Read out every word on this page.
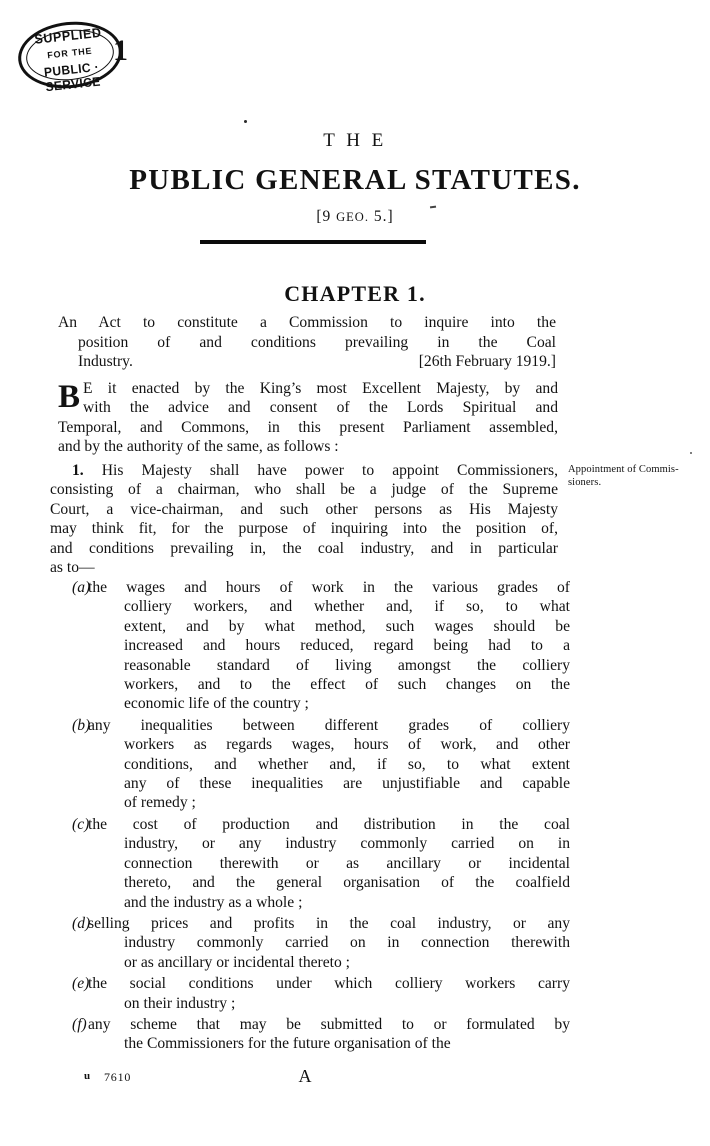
SUPPLIED
FOR THE
PUBLIC · SERVICE
1
T H E
PUBLIC GENERAL STATUTES.
[9 GEO. 5.]
CHAPTER 1.
An Act to constitute a Commission to inquire into the
position of and conditions prevailing in the Coal
Industry.	[26th February 1919.]
B E it enacted by the King’s most Excellent Majesty, by and
with the advice and consent of the Lords Spiritual and
Temporal, and Commons, in this present Parliament assembled,
and by the authority of the same, as follows :
1. His Majesty shall have power to appoint Commissioners,
consisting of a chairman, who shall be a judge of the Supreme
Court, a vice-chairman, and such other persons as His Majesty
may think fit, for the purpose of inquiring into the position of,
and conditions prevailing in, the coal industry, and in particular
as to—
Appointment of Commis- sioners.
(a)
the wages and hours of work in the various grades of
colliery workers, and whether and, if so, to what
extent, and by what method, such wages should be
increased and hours reduced, regard being had to a
reasonable standard of living amongst the colliery
workers, and to the effect of such changes on the
economic life of the country ;
(b)
any inequalities between different grades of colliery
workers as regards wages, hours of work, and other
conditions, and whether and, if so, to what extent
any of these inequalities are unjustifiable and capable
of remedy ;
(c)
the cost of production and distribution in the coal
industry, or any industry commonly carried on in
connection therewith or as ancillary or incidental
thereto, and the general organisation of the coalfield
and the industry as a whole ;
(d)
selling prices and profits in the coal industry, or any
industry commonly carried on in connection therewith
or as ancillary or incidental thereto ;
(e)
the social conditions under which colliery workers carry
on their industry ;
(f) any scheme that may be submitted to or formulated by
the Commissioners for the future organisation of the
u 7610	A
